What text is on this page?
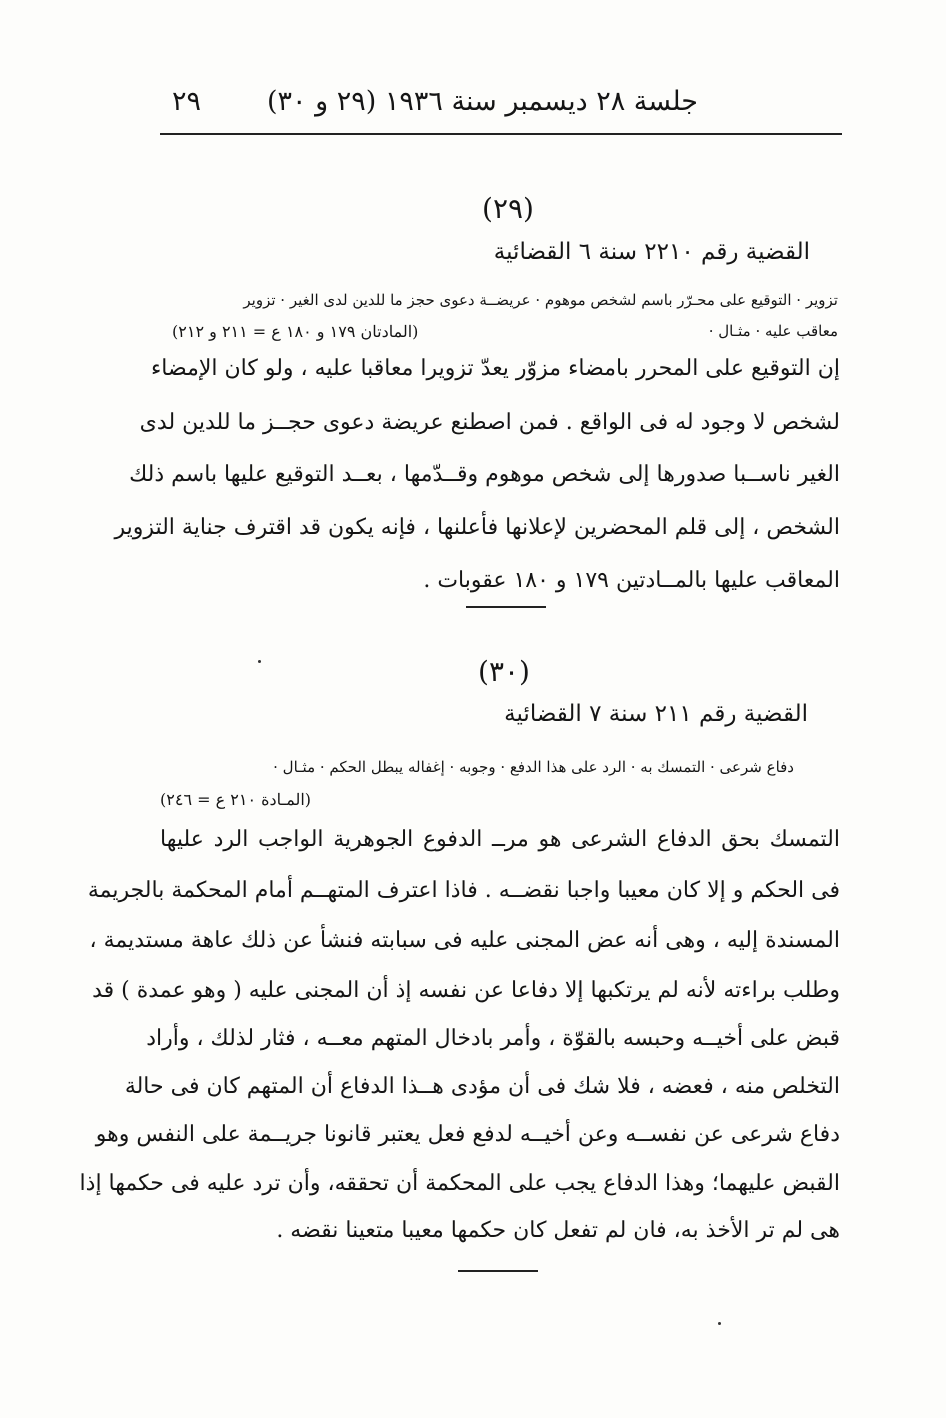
جلسة ٢٨ ديسمبر سنة ١٩٣٦ (٢٩ و ٣٠)
٢٩
(٢٩)
القضية رقم ٢٢١٠ سنة ٦ القضائية
تزوير · التوقيع على محـرّر باسم لشخص موهوم · عريضــة دعوى حجز ما للدين لدى الغير · تزوير
معاقب عليه · مثـال ·
(المادتان ١٧٩ و ١٨٠ ع = ٢١١ و ٢١٢)
إن التوقيع على المحرر بامضاء مزوّر يعدّ تزويرا معاقبا عليه ، ولو كان الإمضاء
لشخص لا وجود له فى الواقع . فمن اصطنع عريضة دعوى حجــز ما للدين لدى
الغير ناســبا صدورها إلى شخص موهوم وقــدّمها ، بعــد التوقيع عليها باسم ذلك
الشخص ، إلى قلم المحضرين لإعلانها فأعلنها ، فإنه يكون قد اقترف جناية التزوير
المعاقب عليها بالمــادتين ١٧٩ و ١٨٠ عقوبات .
(٣٠)
القضية رقم ٢١١ سنة ٧ القضائية
دفاع شرعى · التمسك به · الرد على هذا الدفع · وجوبه · إغفاله يبطل الحكم · مثـال ·
(المـادة ٢١٠ ع = ٢٤٦)
التمسك بحق الدفاع الشرعى هو مرــ الدفوع الجوهرية الواجب الرد عليها
فى الحكم و إلا كان معيبا واجبا نقضــه . فاذا اعترف المتهــم أمام المحكمة بالجريمة
المسندة إليه ، وهى أنه عض المجنى عليه فى سبابته فنشأ عن ذلك عاهة مستديمة ،
وطلب براءته لأنه لم يرتكبها إلا دفاعا عن نفسه إذ أن المجنى عليه ( وهو عمدة ) قد
قبض على أخيــه وحبسه بالقوّة ، وأمر بادخال المتهم معــه ، فثار لذلك ، وأراد
التخلص منه ، فعضه ، فلا شك فى أن مؤدى هــذا الدفاع أن المتهم كان فى حالة
دفاع شرعى عن نفســه وعن أخيــه لدفع فعل يعتبر قانونا جريــمة على النفس وهو
القبض عليهما؛ وهذا الدفاع يجب على المحكمة أن تحققه، وأن ترد عليه فى حكمها إذا
هى لم تر الأخذ به، فان لم تفعل كان حكمها معيبا متعينا نقضه .
